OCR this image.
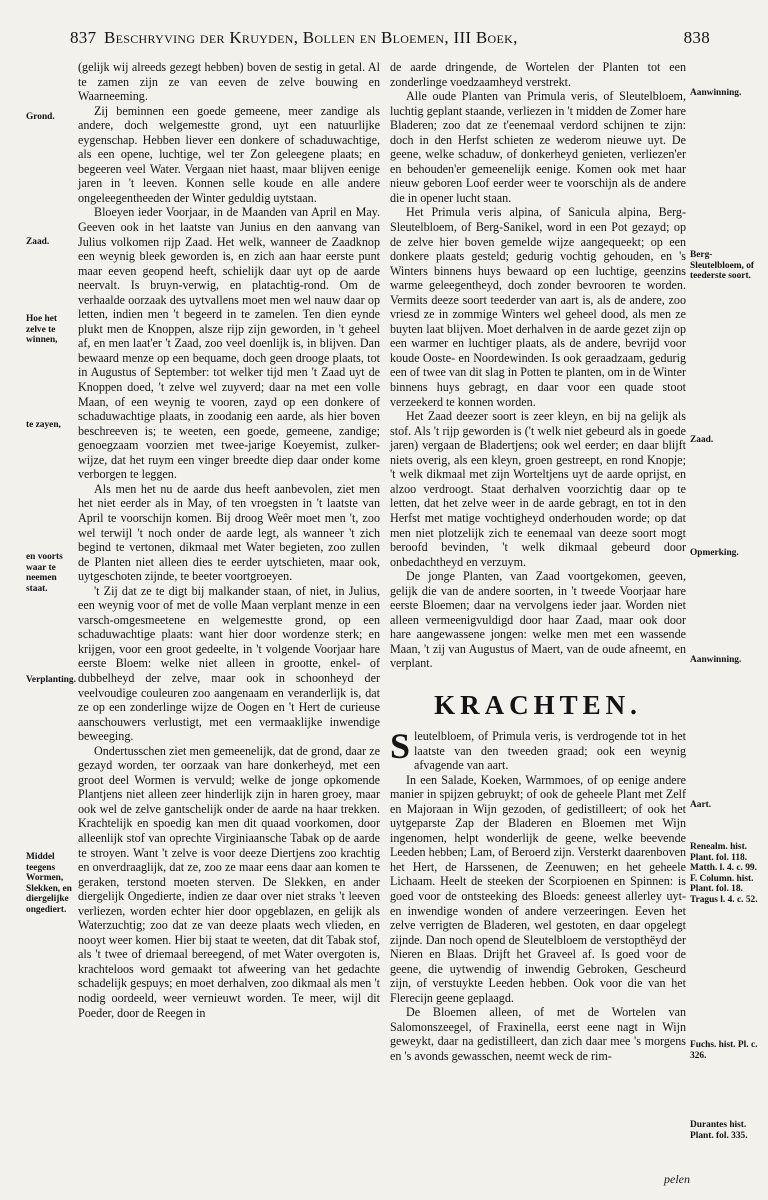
837 Beschryving der Kruyden, Bollen en Bloemen, III Boek,	838
Grond.
Zaad.
Hoe het zelve te winnen,
te zayen,
en voorts waar te neemen staat.
Verplanting.
Middel teegens Wormen, Slekken, en diergelijke ongediert.
Aanwinning.
Berg-Sleutelbloem, of teederste soort.
Zaad.
Opmerking.
Aanwinning.
Aart.
Renealm. hist. Plant. fol. 118. Matth. l. 4. c. 99. F. Column. hist. Plant. fol. 18. Tragus l. 4. c. 52.
Fuchs. hist. Pl. c. 326.
Durantes hist. Plant. fol. 335.

(gelijk wij alreeds gezegt hebben) boven de sestig in getal. Al te zamen zijn ze van eeven de zelve bouwing en Waarneeming.

Zij beminnen een goede gemeene, meer zandige als andere, doch welgemestte grond, uyt een natuurlijke eygenschap. Hebben liever een donkere of schaduwachtige, als een opene, luchtige, wel ter Zon geleegene plaats; en begeeren veel Water. Vergaan niet haast, maar blijven eenige jaren in 't leeven. Konnen selle koude en alle andere ongeleegentheeden der Winter geduldig uytstaan.

Bloeyen ieder Voorjaar, in de Maanden van April en May. Geeven ook in het laatste van Junius en den aanvang van Julius volkomen rijp Zaad. Het welk, wanneer de Zaadknop een weynig bleek geworden is, en zich aan haar eerste punt maar eeven geopend heeft, schielijk daar uyt op de aarde neervalt. Is bruyn-verwig, en platachtig-rond. Om de verhaalde oorzaak des uytvallens moet men wel nauw daar op letten, indien men 't begeerd in te zamelen. Ten dien eynde plukt men de Knoppen, alsze rijp zijn geworden, in 't geheel af, en men laat'er 't Zaad, zoo veel doenlijk is, in blijven. Dan bewaard menze op een bequame, doch geen drooge plaats, tot in Augustus of September: tot welker tijd men 't Zaad uyt de Knoppen doed, 't zelve wel zuyverd; daar na met een volle Maan, of een weynig te vooren, zayd op een donkere of schaduwachtige plaats, in zoodanig een aarde, als hier boven beschreeven is; te weeten, een goede, gemeene, zandige; genoegzaam voorzien met twee-jarige Koeyemist, zulker-wijze, dat het ruym een vinger breedte diep daar onder kome verborgen te leggen.

Als men het nu de aarde dus heeft aanbevolen, ziet men het niet eerder als in May, of ten vroegsten in 't laatste van April te voorschijn komen. Bij droog Weêr moet men 't, zoo wel terwijl 't noch onder de aarde legt, als wanneer 't zich begind te vertonen, dikmaal met Water begieten, zoo zullen de Planten niet alleen dies te eerder uytschieten, maar ook, uytgeschoten zijnde, te beeter voortgroeyen.

't Zij dat ze te digt bij malkander staan, of niet, in Julius, een weynig voor of met de volle Maan verplant menze in een varsch-omgesmeetene en welgemestte grond, op een schaduwachtige plaats: want hier door wordenze sterk; en krijgen, voor een groot gedeelte, in 't volgende Voorjaar hare eerste Bloem: welke niet alleen in grootte, enkel- of dubbelheyd der zelve, maar ook in schoonheyd der veelvoudige couleuren zoo aangenaam en veranderlijk is, dat ze op een zonderlinge wijze de Oogen en 't Hert de curieuse aanschouwers verlustigt, met een vermaaklijke inwendige beweeging.

Ondertusschen ziet men gemeenelijk, dat de grond, daar ze gezayd worden, ter oorzaak van hare donkerheyd, met een groot deel Wormen is vervuld; welke de jonge opkomende Plantjens niet alleen zeer hinderlijk zijn in haren groey, maar ook wel de zelve gantschelijk onder de aarde na haar trekken. Krachtelijk en spoedig kan men dit quaad voorkomen, door alleenlijk stof van oprechte Virginiaansche Tabak op de aarde te stroyen. Want 't zelve is voor deeze Diertjens zoo krachtig en onverdraaglijk, dat ze, zoo ze maar eens daar aan komen te geraken, terstond moeten sterven. De Slekken, en ander diergelijk Ongedierte, indien ze daar over niet straks 't leeven verliezen, worden echter hier door opgeblazen, en gelijk als Waterzuchtig; zoo dat ze van deeze plaats wech vlieden, en nooyt weer komen. Hier bij staat te weeten, dat dit Tabak stof, als 't twee of driemaal bereegend, of met Water overgoten is, krachteloos word gemaakt tot afweering van het gedachte schadelijk gespuys; en moet derhalven, zoo dikmaal als men 't nodig oordeeld, weer vernieuwt worden. Te meer, wijl dit Poeder, door de Reegen in

de aarde dringende, de Wortelen der Planten tot een zonderlinge voedzaamheyd verstrekt.

Alle oude Planten van Primula veris, of Sleutelbloem, luchtig geplant staande, verliezen in 't midden de Zomer hare Bladeren; zoo dat ze t'eenemaal verdord schijnen te zijn: doch in den Herfst schieten ze wederom nieuwe uyt. De geene, welke schaduw, of donkerheyd genieten, verliezen'er en behouden'er gemeenelijk eenige. Komen ook met haar nieuw geboren Loof eerder weer te voorschijn als de andere die in opener lucht staan.

Het Primula veris alpina, of Sanicula alpina, Berg-Sleutelbloem, of Berg-Sanikel, word in een Pot gezayd; op de zelve hier boven gemelde wijze aangequeekt; op een donkere plaats gesteld; gedurig vochtig gehouden, en 's Winters binnens huys bewaard op een luchtige, geenzins warme geleegentheyd, doch zonder bevrooren te worden. Vermits deeze soort teederder van aart is, als de andere, zoo vriesd ze in zommige Winters wel geheel dood, als men ze buyten laat blijven. Moet derhalven in de aarde gezet zijn op een warmer en luchtiger plaats, als de andere, bevrijd voor koude Ooste- en Noordewinden. Is ook geraadzaam, gedurig een of twee van dit slag in Potten te planten, om in de Winter binnens huys gebragt, en daar voor een quade stoot verzeekerd te konnen worden.

Het Zaad deezer soort is zeer kleyn, en bij na gelijk als stof. Als 't rijp geworden is ('t welk niet gebeurd als in goede jaren) vergaan de Bladertjens; ook wel eerder; en daar blijft niets overig, als een kleyn, groen gestreept, en rond Knopje; 't welk dikmaal met zijn Worteltjens uyt de aarde oprijst, en alzoo verdroogt. Staat derhalven voorzichtig daar op te letten, dat het zelve weer in de aarde gebragt, en tot in den Herfst met matige vochtigheyd onderhouden worde; op dat men niet plotzelijk zich te eenemaal van deeze soort mogt beroofd bevinden, 't welk dikmaal gebeurd door onbedachtheyd en verzuym.

De jonge Planten, van Zaad voortgekomen, geeven, gelijk die van de andere soorten, in 't tweede Voorjaar hare eerste Bloemen; daar na vervolgens ieder jaar. Worden niet alleen vermeenigvuldigd door haar Zaad, maar ook door hare aangewassene jongen: welke men met een wassende Maan, 't zij van Augustus of Maert, van de oude afneemt, en verplant.

KRACHTEN.

Sleutelbloem, of Primula veris, is verdrogende tot in het laatste van den tweeden graad; ook een weynig afvagende van aart.

In een Salade, Koeken, Warmmoes, of op eenige andere manier in spijzen gebruykt; of ook de geheele Plant met Zelf en Majoraan in Wijn gezoden, of gedistilleert; of ook het uytgeparste Zap der Bladeren en Bloemen met Wijn ingenomen, helpt wonderlijk de geene, welke beevende Leeden hebben; Lam, of Beroerd zijn. Versterkt daarenboven het Hert, de Harssenen, de Zeenuwen; en het geheele Lichaam. Heelt de steeken der Scorpioenen en Spinnen: is goed voor de ontsteeking des Bloeds: geneest allerley uyt- en inwendige wonden of andere verzeeringen. Eeven het zelve verrigten de Bladeren, wel gestoten, en daar opgelegt zijnde. Dan noch opend de Sleutelbloem de verstopthëyd der Nieren en Blaas. Drijft het Graveel af. Is goed voor de geene, die uytwendig of inwendig Gebroken, Gescheurd zijn, of verstuykte Leeden hebben. Ook voor die van het Flerecijn geene geplaagd.

De Bloemen alleen, of met de Wortelen van Salomonszeegel, of Fraxinella, eerst eene nagt in Wijn geweykt, daar na gedistilleert, dan zich daar mee 's morgens en 's avonds gewasschen, neemt weck de rim-

pelen
